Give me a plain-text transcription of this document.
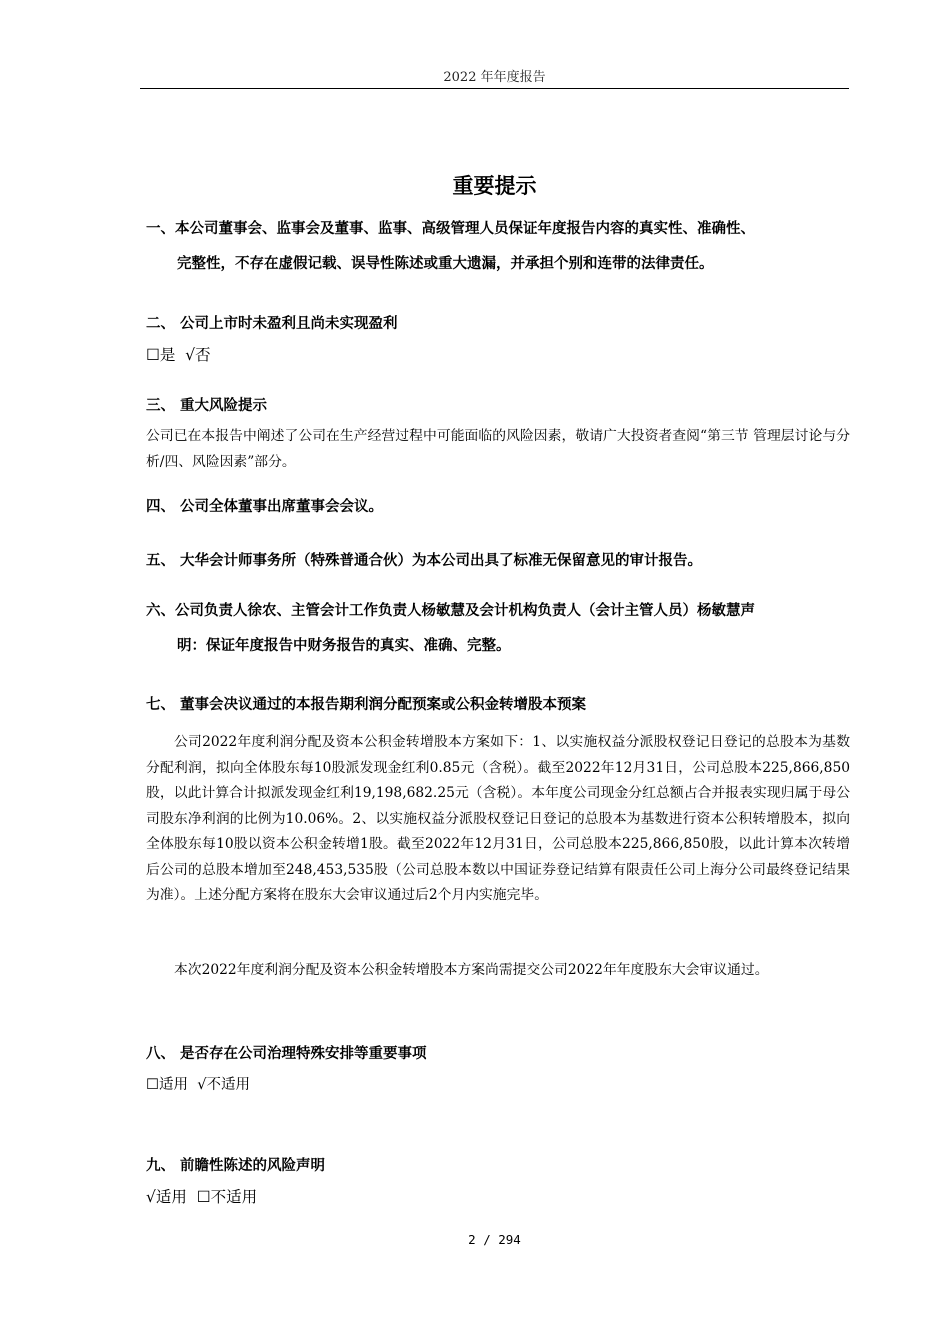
2022 年年度报告
重要提示
一、本公司董事会、监事会及董事、监事、高级管理人员保证年度报告内容的真实性、准确性、
完整性，不存在虚假记载、误导性陈述或重大遗漏，并承担个别和连带的法律责任。
二、 公司上市时未盈利且尚未实现盈利
☐是  √否
三、 重大风险提示
公司已在本报告中阐述了公司在生产经营过程中可能面临的风险因素，敬请广大投资者查阅“第三节 管理层讨论与分析/四、风险因素”部分。
四、 公司全体董事出席董事会会议。
五、 大华会计师事务所（特殊普通合伙）为本公司出具了标准无保留意见的审计报告。
六、公司负责人徐农、主管会计工作负责人杨敏慧及会计机构负责人（会计主管人员）杨敏慧声
明：保证年度报告中财务报告的真实、准确、完整。
七、 董事会决议通过的本报告期利润分配预案或公积金转增股本预案
公司2022年度利润分配及资本公积金转增股本方案如下：1、以实施权益分派股权登记日登记的总股本为基数分配利润，拟向全体股东每10股派发现金红利0.85元（含税）。截至2022年12月31日，公司总股本225,866,850股，以此计算合计拟派发现金红利19,198,682.25元（含税）。本年度公司现金分红总额占合并报表实现归属于母公司股东净利润的比例为10.06%。2、以实施权益分派股权登记日登记的总股本为基数进行资本公积转增股本，拟向全体股东每10股以资本公积金转增1股。截至2022年12月31日，公司总股本225,866,850股，以此计算本次转增后公司的总股本增加至248,453,535股（公司总股本数以中国证券登记结算有限责任公司上海分公司最终登记结果为准）。上述分配方案将在股东大会审议通过后2个月内实施完毕。
本次2022年度利润分配及资本公积金转增股本方案尚需提交公司2022年年度股东大会审议通过。
八、 是否存在公司治理特殊安排等重要事项
☐适用  √不适用
九、 前瞻性陈述的风险声明
√适用  ☐不适用
2 / 294
